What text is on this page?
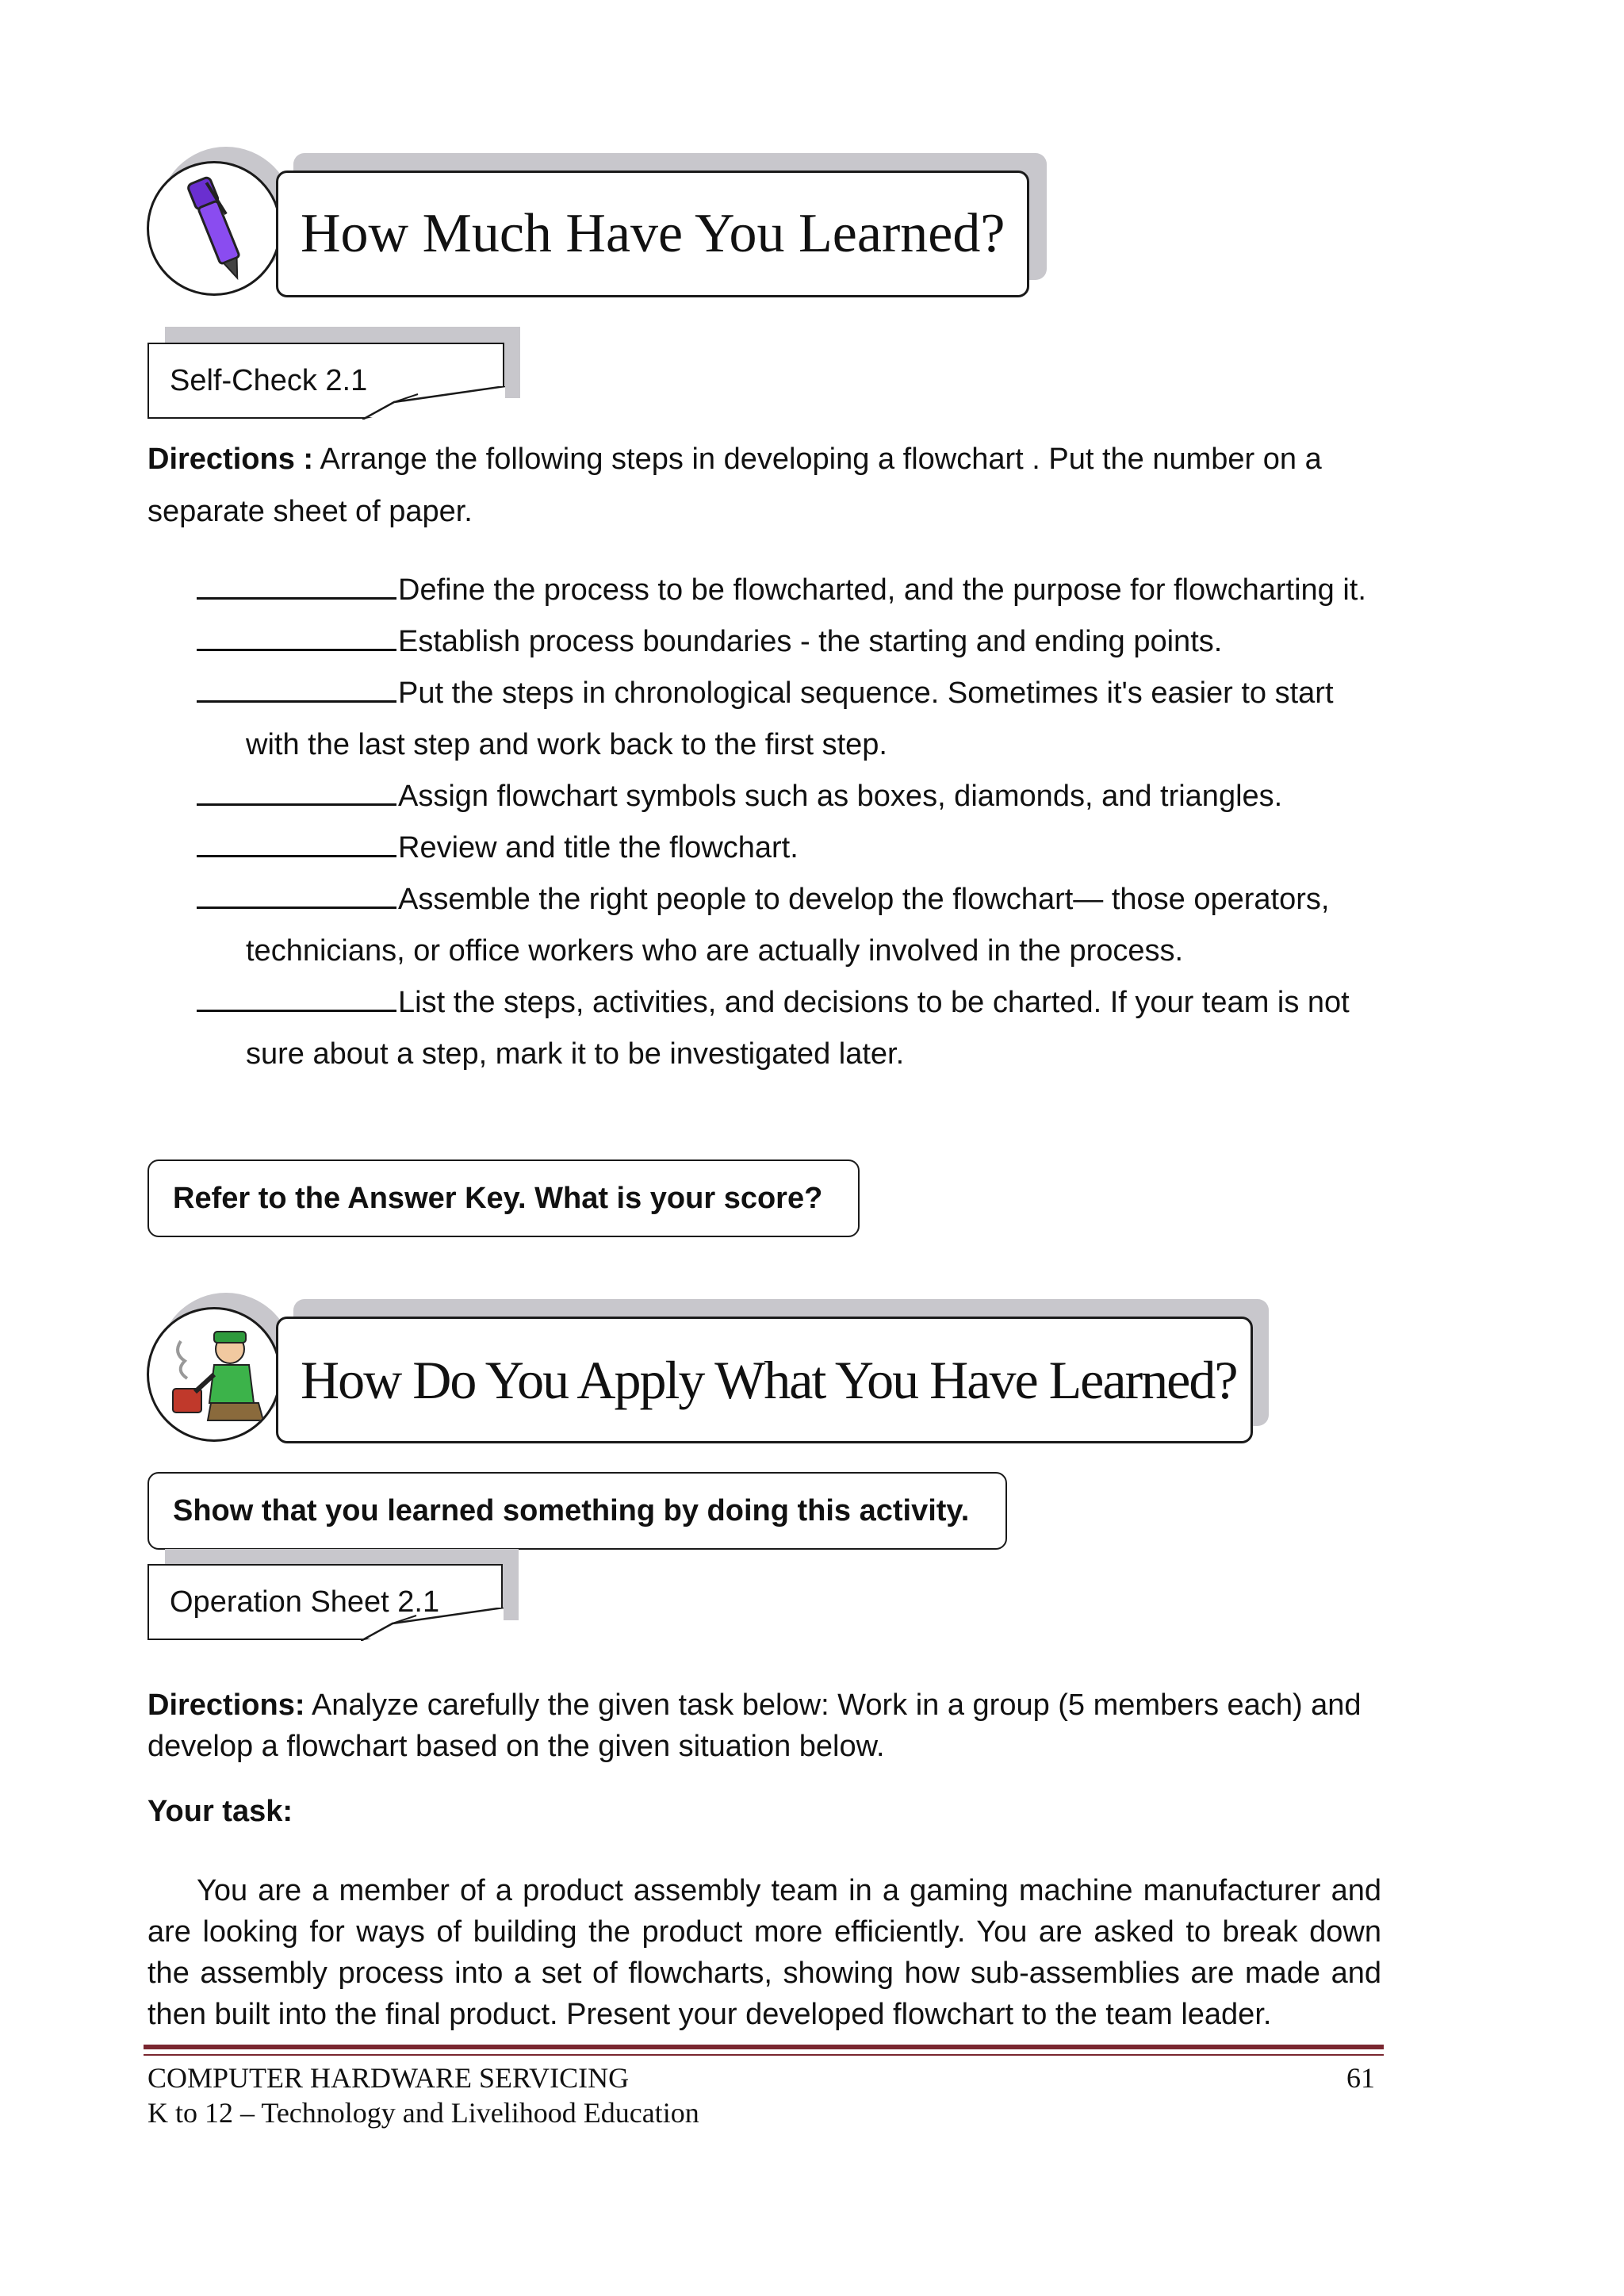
How Much Have You Learned?
Self-Check 2.1
Directions : Arrange the following steps in developing a flowchart . Put the number on a separate sheet of paper.
Define the process to be flowcharted, and the purpose for flowcharting it.
Establish process boundaries - the starting and ending points.
Put the steps in chronological sequence. Sometimes it's easier to start
with the last step and work back to the first step.
Assign flowchart symbols such as boxes, diamonds, and triangles.
Review and title the flowchart.
Assemble the right people to develop the flowchart— those operators,
technicians, or office workers who are actually involved in the process.
List the steps, activities, and decisions to be charted. If your team is not
sure about a step, mark it to be investigated later.
Refer to the Answer Key. What is your score?
How Do You Apply What You Have Learned?
Show that you learned something by doing this activity.
Operation Sheet 2.1
Directions: Analyze carefully the given task below: Work in a group (5 members each) and develop a flowchart based on the given situation below.
Your task:
You are a member of a product assembly team in a gaming machine manufacturer and are looking for ways of building the product more efficiently. You are asked to break down the assembly process into a set of flowcharts, showing how sub-assemblies are made and then built into the final product. Present your developed flowchart to the team leader.
COMPUTER HARDWARE SERVICING	61
K to 12 – Technology and Livelihood Education
